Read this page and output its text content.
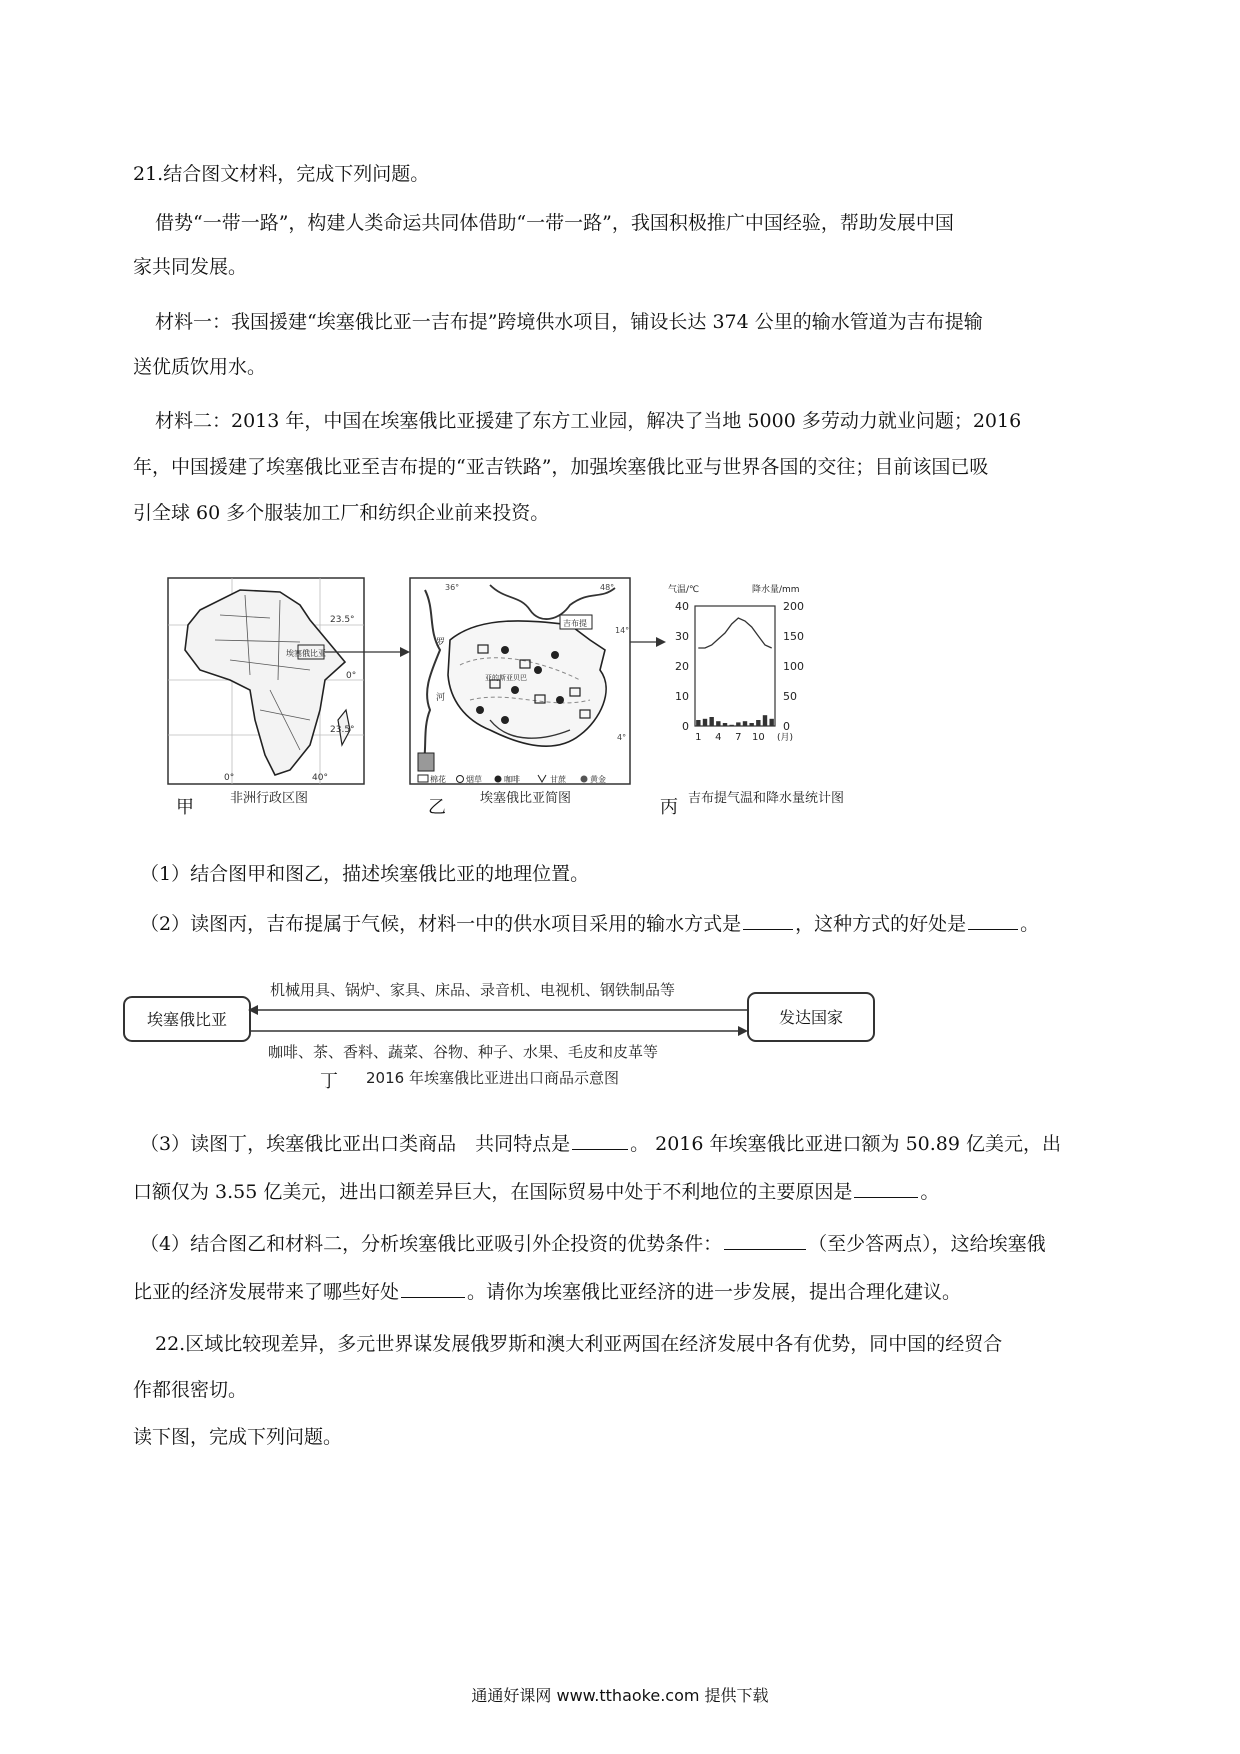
21.结合图文材料，完成下列问题。
借势“一带一路”，构建人类命运共同体借助“一带一路”，我国积极推广中国经验，帮助发展中国
家共同发展。
材料一：我国援建“埃塞俄比亚一吉布提”跨境供水项目，铺设长达 374 公里的输水管道为吉布提输
送优质饮用水。
材料二：2013 年，中国在埃塞俄比亚援建了东方工业园，解决了当地 5000 多劳动力就业问题；2016
年，中国援建了埃塞俄比亚至吉布提的“亚吉铁路”，加强埃塞俄比亚与世界各国的交往；目前该国已吸
引全球 60 多个服装加工厂和纺织企业前来投资。
23.5°
0°
23.5°
0°	40°
埃塞俄比亚
甲	非洲行政区图
吉布提
亚的斯亚贝巴
罗
河
36°	48°
14°
4°
棉花	烟草	咖啡	甘蔗	黄金
乙	埃塞俄比亚简图
气温/℃	降水量/mm
40
30
20
10
0
200
150
100
50
0
1 4 7 10 (月)
丙 吉布提气温和降水量统计图
（1）结合图甲和图乙，描述埃塞俄比亚的地理位置。
（2）读图丙，吉布提属于气候，材料一中的供水项目采用的输水方式是	，这种方式的好处是	。
埃塞俄比亚	发达国家
机械用具、锅炉、家具、床品、录音机、电视机、钢铁制品等
咖啡、茶、香料、蔬菜、谷物、种子、水果、毛皮和皮革等
丁 2016 年埃塞俄比亚进出口商品示意图
（3）读图丁，埃塞俄比亚出口类商品　共同特点是	。 2016 年埃塞俄比亚进口额为 50.89 亿美元，出
口额仅为 3.55 亿美元，进出口额差异巨大，在国际贸易中处于不利地位的主要原因是	。
（4）结合图乙和材料二，分析埃塞俄比亚吸引外企投资的优势条件：	（至少答两点），这给埃塞俄
比亚的经济发展带来了哪些好处	。请你为埃塞俄比亚经济的进一步发展，提出合理化建议。
22.区域比较现差异，多元世界谋发展俄罗斯和澳大利亚两国在经济发展中各有优势，同中国的经贸合
作都很密切。
读下图，完成下列问题。
通通好课网 www.tthaoke.com 提供下载
